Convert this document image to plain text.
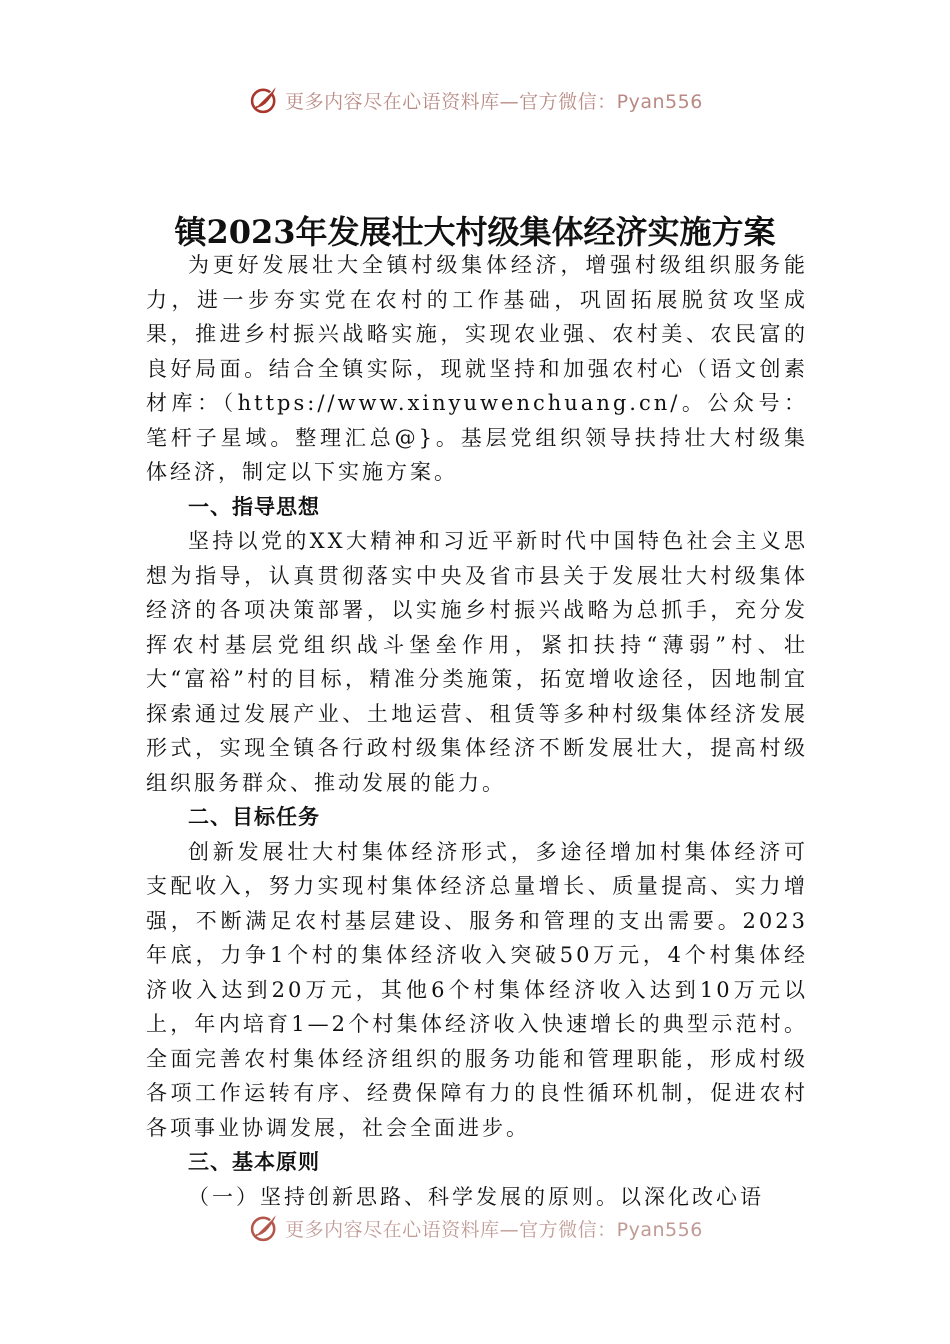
更多内容尽在心语资料库—官方微信：Pyan556
镇2023年发展壮大村级集体经济实施方案

为更好发展壮大全镇村级集体经济，增强村级组织服务能力，进一步夯实党在农村的工作基础，巩固拓展脱贫攻坚成果，推进乡村振兴战略实施，实现农业强、农村美、农民富的良好局面。结合全镇实际，现就坚持和加强农村心（语文创素材库：（https://www.xinyuwenchuang.cn/。公众号：笔杆子星域。整理汇总@}。基层党组织领导扶持壮大村级集体经济，制定以下实施方案。

一、指导思想

坚持以党的XX大精神和习近平新时代中国特色社会主义思想为指导，认真贯彻落实中央及省市县关于发展壮大村级集体经济的各项决策部署，以实施乡村振兴战略为总抓手，充分发挥农村基层党组织战斗堡垒作用，紧扣扶持“薄弱”村、壮大“富裕”村的目标，精准分类施策，拓宽增收途径，因地制宜探索通过发展产业、土地运营、租赁等多种村级集体经济发展形式，实现全镇各行政村级集体经济不断发展壮大，提高村级组织服务群众、推动发展的能力。

二、目标任务

创新发展壮大村集体经济形式，多途径增加村集体经济可支配收入，努力实现村集体经济总量增长、质量提高、实力增强，不断满足农村基层建设、服务和管理的支出需要。2023年底，力争1个村的集体经济收入突破50万元，4个村集体经济收入达到20万元，其他6个村集体经济收入达到10万元以上，年内培育1—2个村集体经济收入快速增长的典型示范村。全面完善农村集体经济组织的服务功能和管理职能，形成村级各项工作运转有序、经费保障有力的良性循环机制，促进农村各项事业协调发展，社会全面进步。

三、基本原则

（一）坚持创新思路、科学发展的原则。以深化改心语

更多内容尽在心语资料库—官方微信：Pyan556
